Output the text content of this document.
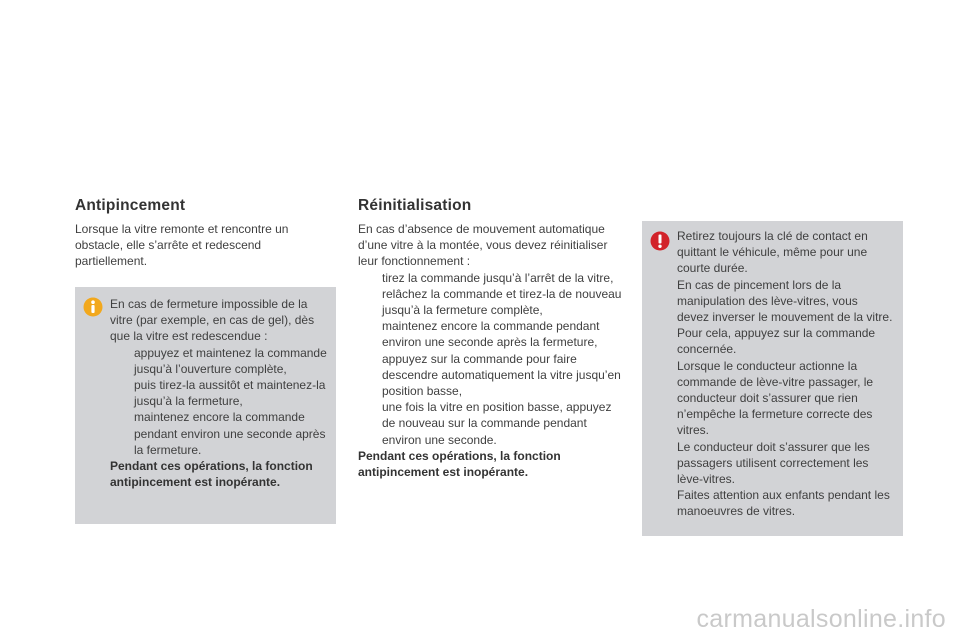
Antipincement

Lorsque la vitre remonte et rencontre un obstacle, elle s’arrête et redescend partiellement.

En cas de fermeture impossible de la vitre (par exemple, en cas de gel), dès que la vitre est redescendue :
appuyez et maintenez la commande jusqu’à l’ouverture complète,
puis tirez-la aussitôt et maintenez-la jusqu’à la fermeture,
maintenez encore la commande pendant environ une seconde après la fermeture.
Pendant ces opérations, la fonction antipincement est inopérante.
Réinitialisation
En cas d’absence de mouvement automatique d’une vitre à la montée, vous devez réinitialiser leur fonctionnement :
tirez la commande jusqu’à l’arrêt de la vitre,
relâchez la commande et tirez-la de nouveau jusqu’à la fermeture complète,
maintenez encore la commande pendant environ une seconde après la fermeture,
appuyez sur la commande pour faire descendre automatiquement la vitre jusqu’en position basse,
une fois la vitre en position basse, appuyez de nouveau sur la commande pendant environ une seconde.
Pendant ces opérations, la fonction antipincement est inopérante.
Retirez toujours la clé de contact en quittant le véhicule, même pour une courte durée.
En cas de pincement lors de la manipulation des lève-vitres, vous devez inverser le mouvement de la vitre. Pour cela, appuyez sur la commande concernée.
Lorsque le conducteur actionne la commande de lève-vitre passager, le conducteur doit s’assurer que rien n’empêche la fermeture correcte des vitres.
Le conducteur doit s’assurer que les passagers utilisent correctement les lève-vitres.
Faites attention aux enfants pendant les manoeuvres de vitres.
carmanualsonline.info
